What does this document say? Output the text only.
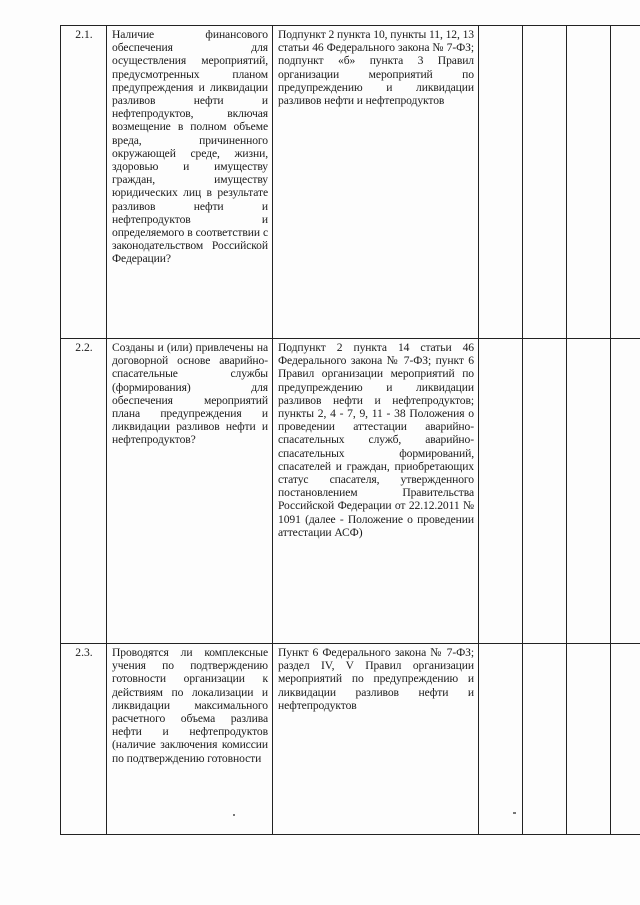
2.1.	Наличие финансового обеспечения для осуществления мероприятий, предусмотренных планом предупреждения и ликвидации разливов нефти и нефтепродуктов, включая возмещение в полном объеме вреда, причиненного окружающей среде, жизни, здоровью и имуществу граждан, имуществу юридических лиц в результате разливов нефти и нефтепродуктов и определяемого в соответствии с законодательством Российской Федерации?	Подпункт 2 пункта 10, пункты 11, 12, 13 статьи 46 Федерального закона № 7-ФЗ; подпункт «б» пункта 3 Правил организации мероприятий по предупреждению и ликвидации разливов нефти и нефтепродуктов				

2.2.	Созданы и (или) привлечены на договорной основе аварийно-спасательные службы (формирования) для обеспечения мероприятий плана предупреждения и ликвидации разливов нефти и нефтепродуктов?	Подпункт 2 пункта 14 статьи 46 Федерального закона № 7-ФЗ; пункт 6 Правил организации мероприятий по предупреждению и ликвидации разливов нефти и нефтепродуктов; пункты 2, 4 - 7, 9, 11 - 38 Положения о проведении аттестации аварийно-спасательных служб, аварийно-спасательных формирований, спасателей и граждан, приобретающих статус спасателя, утвержденного постановлением Правительства Российской Федерации от 22.12.2011 № 1091 (далее - Положение о проведении аттестации АСФ)				

2.3.	Проводятся ли комплексные учения по подтверждению готовности организации к действиям по локализации и ликвидации максимального расчетного объема разлива нефти и нефтепродуктов (наличие заключения комиссии по подтверждению готовности	Пункт 6 Федерального закона № 7-ФЗ; раздел IV, V Правил организации мероприятий по предупреждению и ликвидации разливов нефти и нефтепродуктов				
